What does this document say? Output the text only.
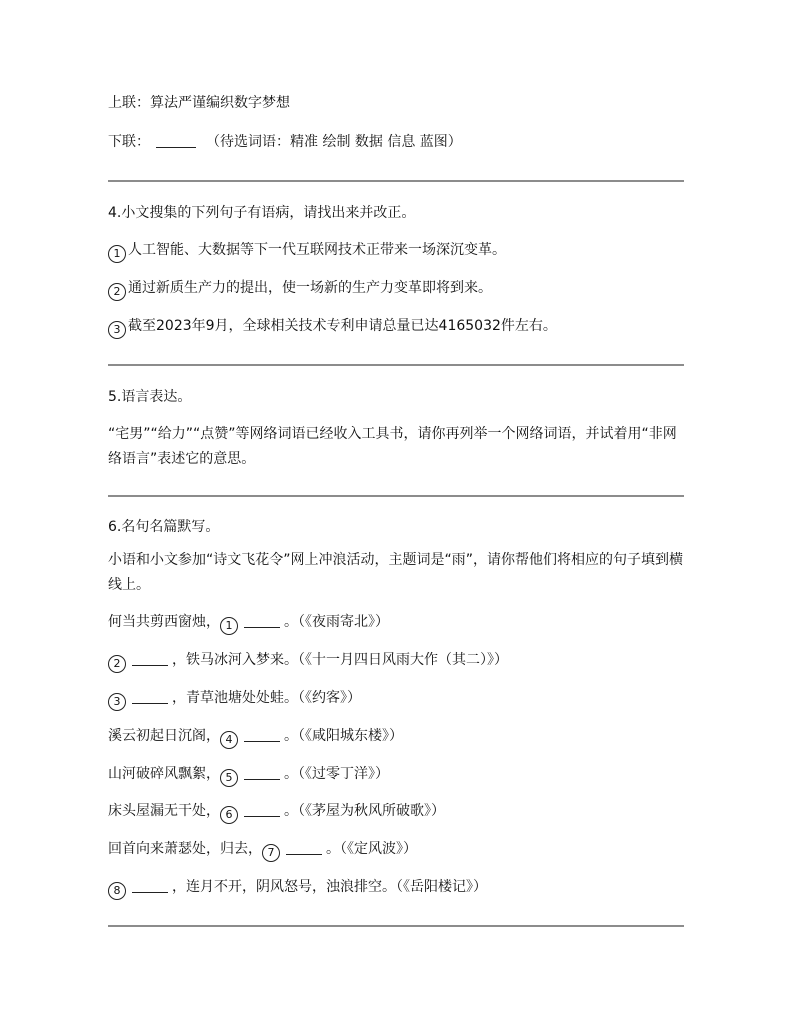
上联：算法严谨编织数字梦想
下联：	（待选词语：精准 绘制 数据 信息 蓝图）
4.小文搜集的下列句子有语病，请找出来并改正。
1 人工智能、大数据等下一代互联网技术正带来一场深沉变革。
2 通过新质生产力的提出，使一场新的生产力变革即将到来。
3 截至2023年9月，全球相关技术专利申请总量已达4165032件左右。
5.语言表达。
“宅男”“给力”“点赞”等网络词语已经收入工具书，请你再列举一个网络词语，并试着用“非网络语言”表述它的意思。
6.名句名篇默写。
小语和小文参加“诗文飞花令”网上冲浪活动，主题词是“雨”，请你帮他们将相应的句子填到横线上。
何当共剪西窗烛， 1	。（《夜雨寄北》）
2	，铁马冰河入梦来。（《十一月四日风雨大作（其二）》）
3	，青草池塘处处蛙。（《约客》）
溪云初起日沉阁， 4	。（《咸阳城东楼》）
山河破碎风飘絮， 5	。（《过零丁洋》）
床头屋漏无干处， 6	。（《茅屋为秋风所破歌》）
回首向来萧瑟处，归去， 7	。（《定风波》）
8	，连月不开，阴风怒号，浊浪排空。（《岳阳楼记》）
